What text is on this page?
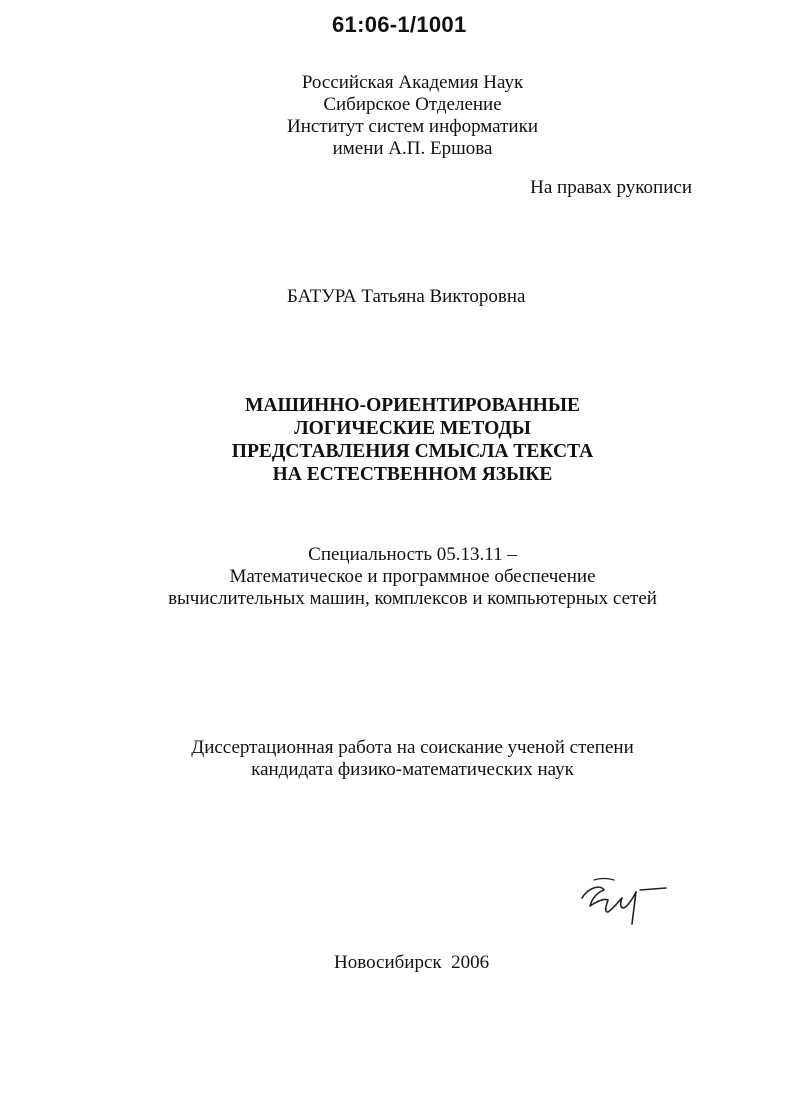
61:06-1/1001
Российская Академия Наук
Сибирское Отделение
Институт систем информатики
имени А.П. Ершова
На правах рукописи
БАТУРА Татьяна Викторовна
МАШИННО-ОРИЕНТИРОВАННЫЕ
ЛОГИЧЕСКИЕ МЕТОДЫ
ПРЕДСТАВЛЕНИЯ СМЫСЛА ТЕКСТА
НА ЕСТЕСТВЕННОМ ЯЗЫКЕ
Специальность 05.13.11 –
Математическое и программное обеспечение
вычислительных машин, комплексов и компьютерных сетей
Диссертационная работа на соискание ученой степени
кандидата физико-математических наук
Новосибирск  2006
